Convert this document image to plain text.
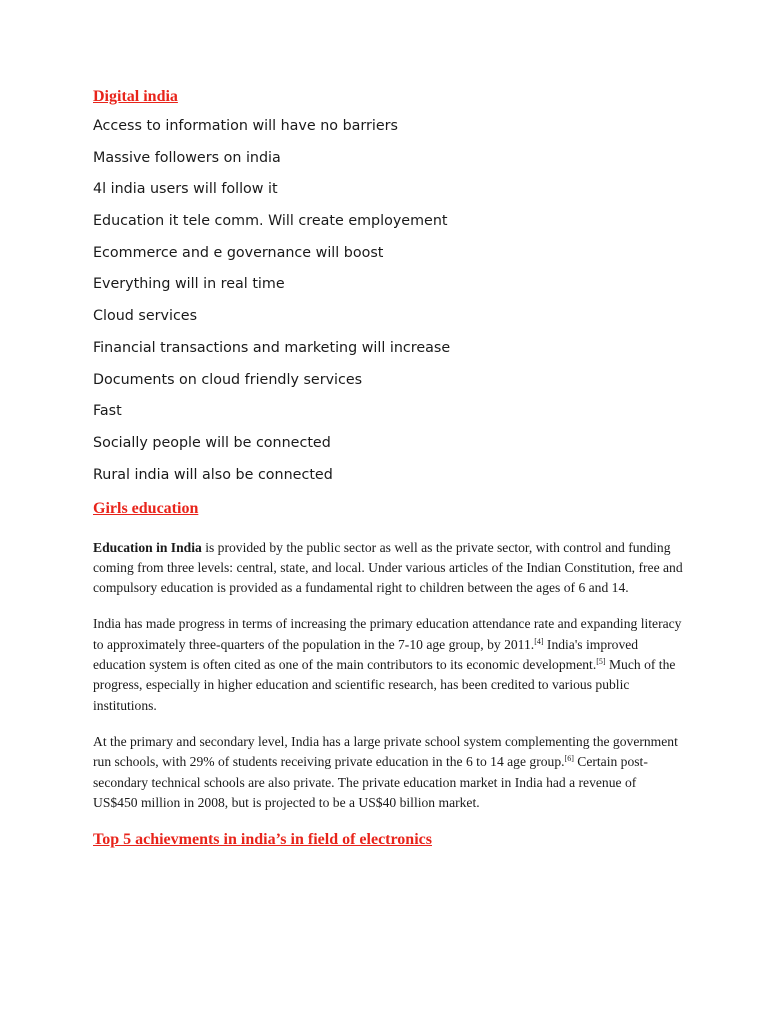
Digital india

Access to information will have no barriers

Massive followers on india

4l india users will follow it

Education it tele comm. Will create employement

Ecommerce and e governance will boost

Everything will in real time

Cloud services

Financial transactions and marketing will increase

Documents on cloud friendly services

Fast

Socially people will be connected

Rural india will also be connected

Girls education

Education in India is provided by the public sector as well as the private sector, with control and funding coming from three levels: central, state, and local. Under various articles of the Indian Constitution, free and compulsory education is provided as a fundamental right to children between the ages of 6 and 14.

India has made progress in terms of increasing the primary education attendance rate and expanding literacy to approximately three-quarters of the population in the 7-10 age group, by 2011.[4] India's improved education system is often cited as one of the main contributors to its economic development.[5] Much of the progress, especially in higher education and scientific research, has been credited to various public institutions.

At the primary and secondary level, India has a large private school system complementing the government run schools, with 29% of students receiving private education in the 6 to 14 age group.[6] Certain post-secondary technical schools are also private. The private education market in India had a revenue of US$450 million in 2008, but is projected to be a US$40 billion market.

Top 5 achievments in india’s in field of electronics
